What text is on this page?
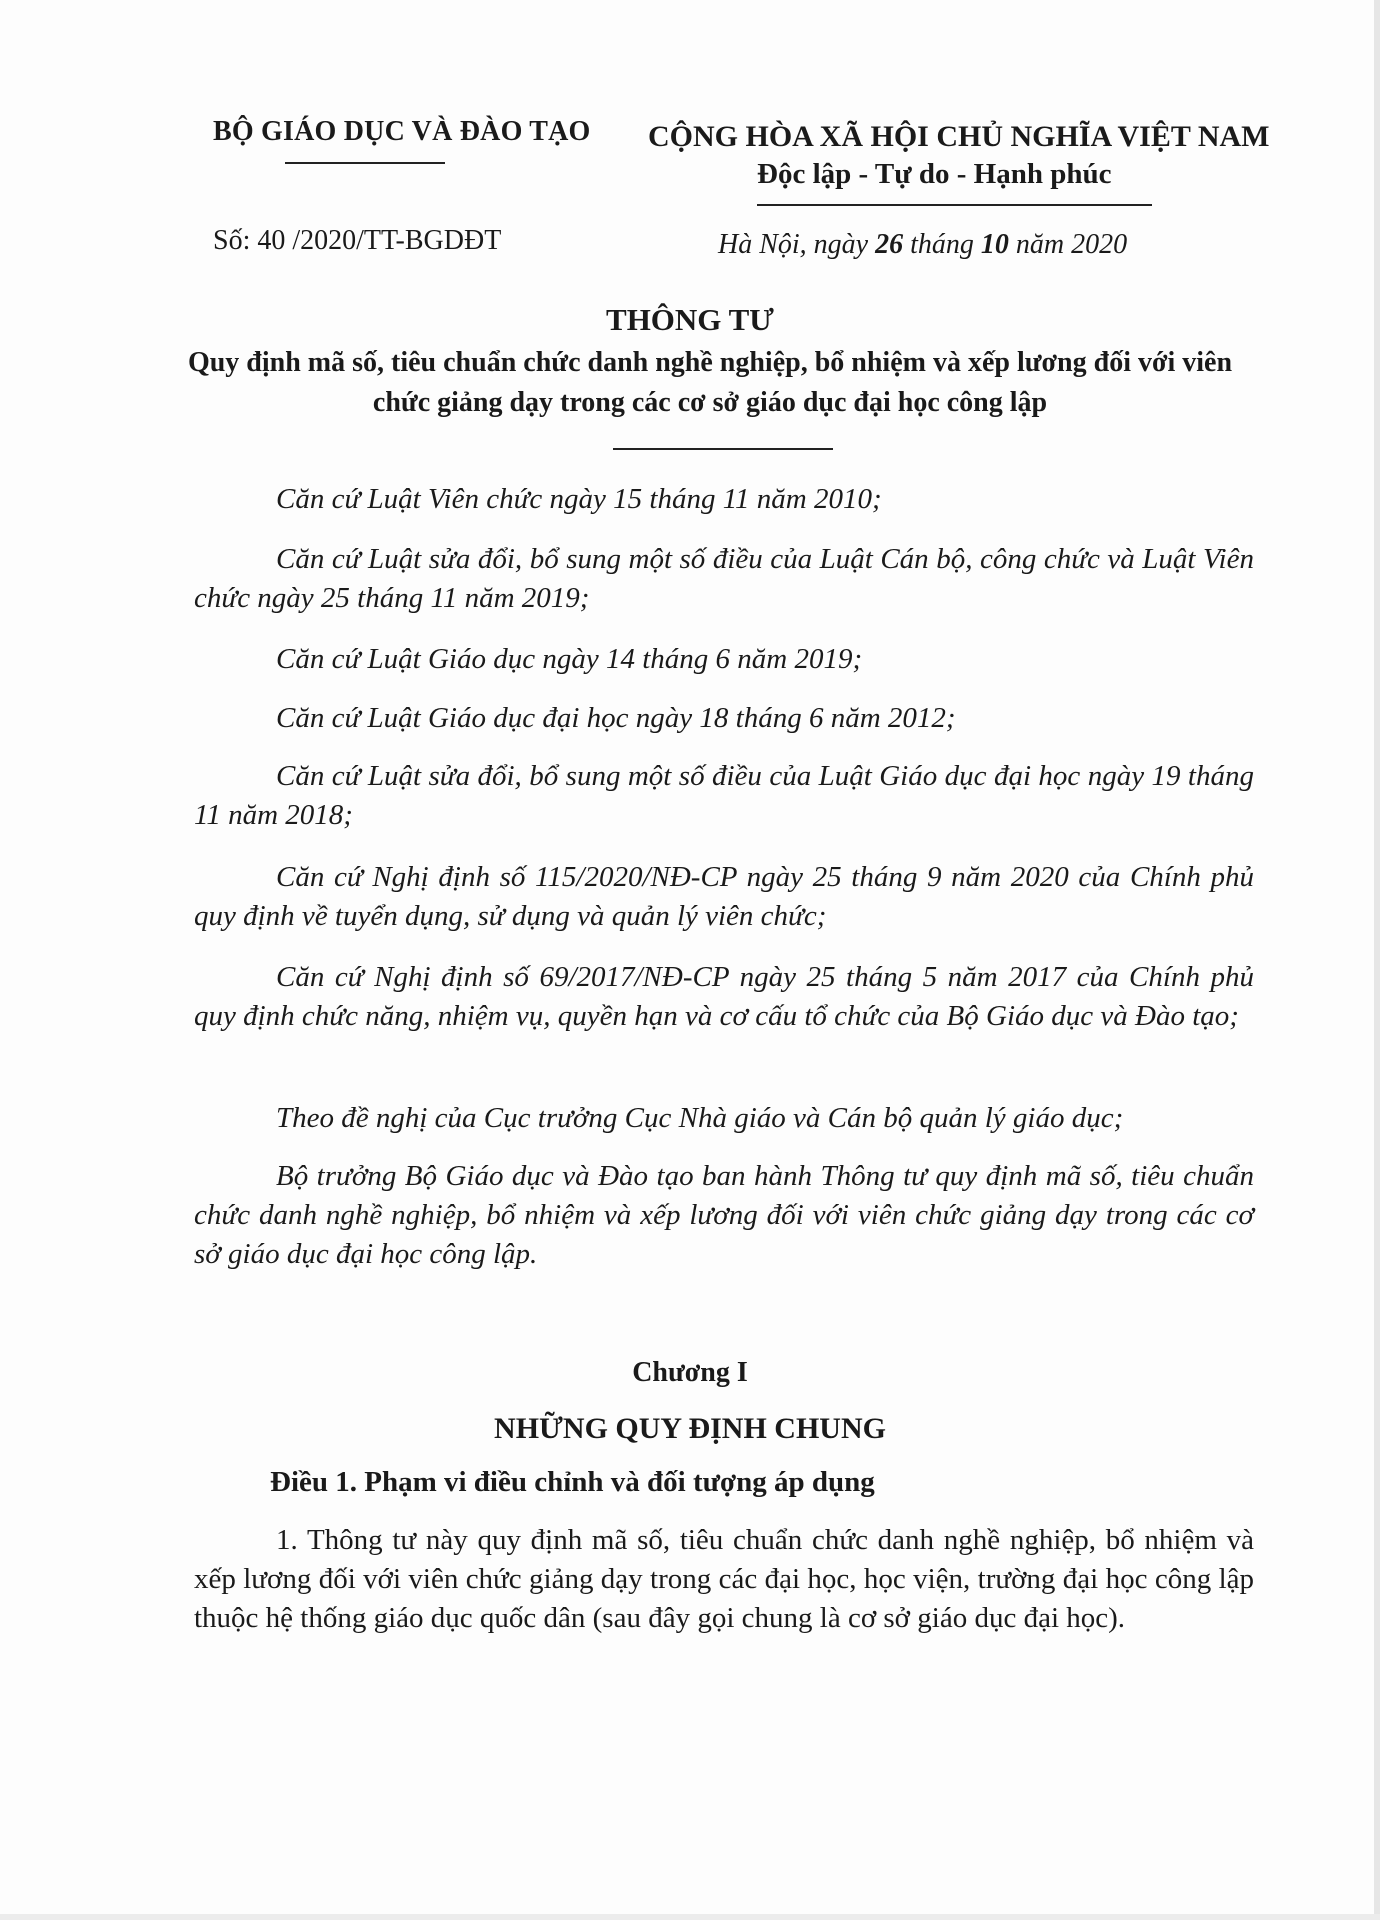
BỘ GIÁO DỤC VÀ ĐÀO TẠO CỘNG HÒA XÃ HỘI CHỦ NGHĨA VIỆT NAM
Độc lập - Tự do - Hạnh phúc
Số: 40 /2020/TT-BGDĐT	Hà Nội, ngày 26 tháng 10 năm 2020
THÔNG TƯ
Quy định mã số, tiêu chuẩn chức danh nghề nghiệp, bổ nhiệm và xếp lương đối với viên chức giảng dạy trong các cơ sở giáo dục đại học công lập
Căn cứ Luật Viên chức ngày 15 tháng 11 năm 2010;
Căn cứ Luật sửa đổi, bổ sung một số điều của Luật Cán bộ, công chức và Luật Viên chức ngày 25 tháng 11 năm 2019;
Căn cứ Luật Giáo dục ngày 14 tháng 6 năm 2019;
Căn cứ Luật Giáo dục đại học ngày 18 tháng 6 năm 2012;
Căn cứ Luật sửa đổi, bổ sung một số điều của Luật Giáo dục đại học ngày 19 tháng 11 năm 2018;
Căn cứ Nghị định số 115/2020/NĐ-CP ngày 25 tháng 9 năm 2020 của Chính phủ quy định về tuyển dụng, sử dụng và quản lý viên chức;
Căn cứ Nghị định số 69/2017/NĐ-CP ngày 25 tháng 5 năm 2017 của Chính phủ quy định chức năng, nhiệm vụ, quyền hạn và cơ cấu tổ chức của Bộ Giáo dục và Đào tạo;
Theo đề nghị của Cục trưởng Cục Nhà giáo và Cán bộ quản lý giáo dục;
Bộ trưởng Bộ Giáo dục và Đào tạo ban hành Thông tư quy định mã số, tiêu chuẩn chức danh nghề nghiệp, bổ nhiệm và xếp lương đối với viên chức giảng dạy trong các cơ sở giáo dục đại học công lập.
Chương I
NHỮNG QUY ĐỊNH CHUNG
Điều 1. Phạm vi điều chỉnh và đối tượng áp dụng
1. Thông tư này quy định mã số, tiêu chuẩn chức danh nghề nghiệp, bổ nhiệm và xếp lương đối với viên chức giảng dạy trong các đại học, học viện, trường đại học công lập thuộc hệ thống giáo dục quốc dân (sau đây gọi chung là cơ sở giáo dục đại học).
